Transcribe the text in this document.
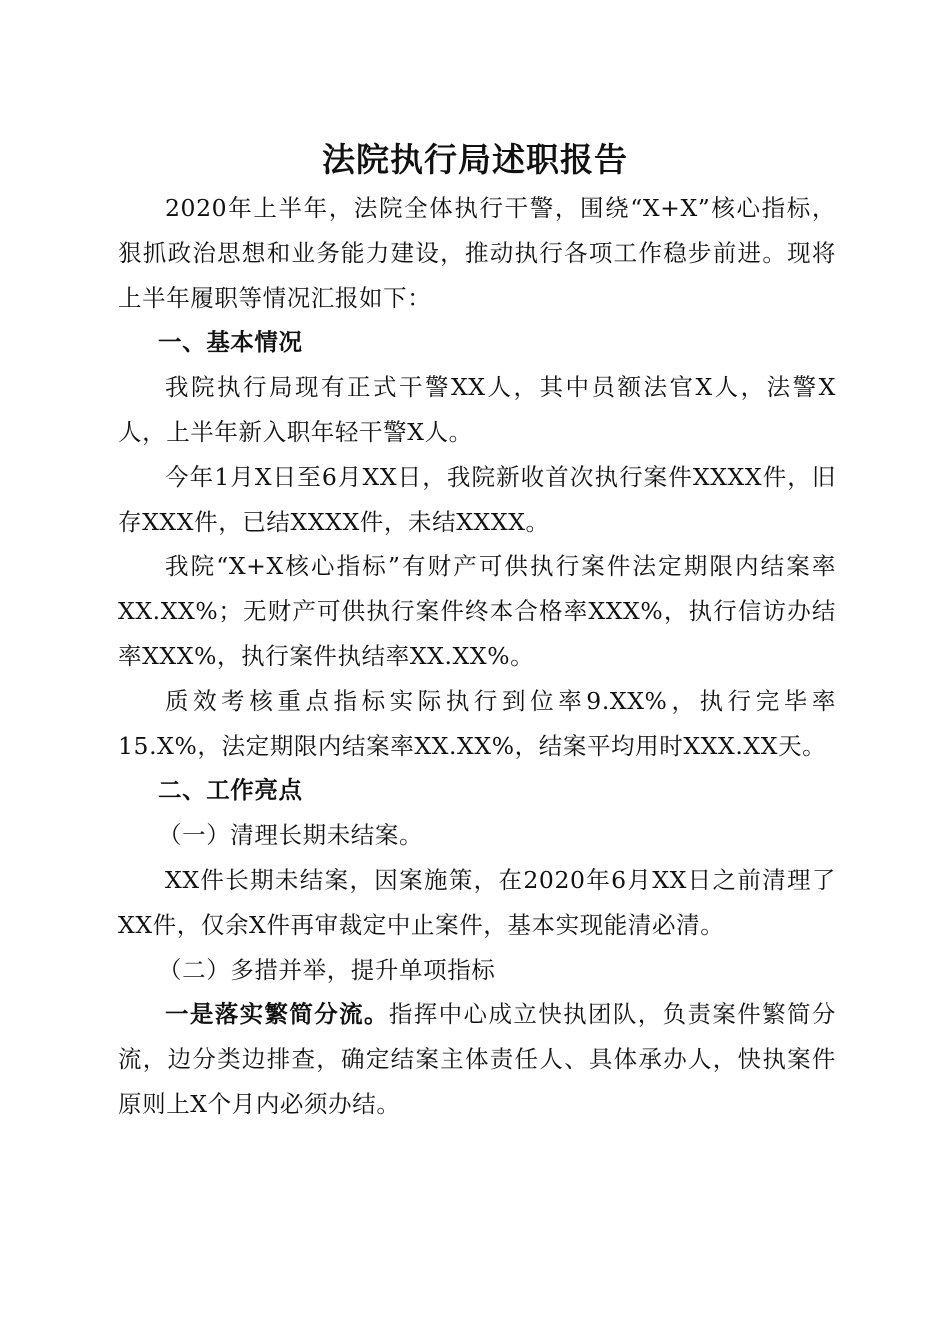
法院执行局述职报告

2020年上半年，法院全体执行干警，围绕“X+X”核心指标，狠抓政治思想和业务能力建设，推动执行各项工作稳步前进。现将上半年履职等情况汇报如下：

一、基本情况

我院执行局现有正式干警XX人，其中员额法官X人，法警X人，上半年新入职年轻干警X人。

今年1月X日至6月XX日，我院新收首次执行案件XXXX件，旧存XXX件，已结XXXX件，未结XXXX。

我院“X+X核心指标”有财产可供执行案件法定期限内结案率XX.XX%；无财产可供执行案件终本合格率XXX%，执行信访办结率XXX%，执行案件执结率XX.XX%。

质效考核重点指标实际执行到位率9.XX%，执行完毕率15.X%，法定期限内结案率XX.XX%，结案平均用时XXX.XX天。

二、工作亮点

（一）清理长期未结案。

XX件长期未结案，因案施策，在2020年6月XX日之前清理了XX件，仅余X件再审裁定中止案件，基本实现能清必清。

（二）多措并举，提升单项指标

一是落实繁简分流。指挥中心成立快执团队，负责案件繁简分流，边分类边排查，确定结案主体责任人、具体承办人，快执案件原则上X个月内必须办结。
